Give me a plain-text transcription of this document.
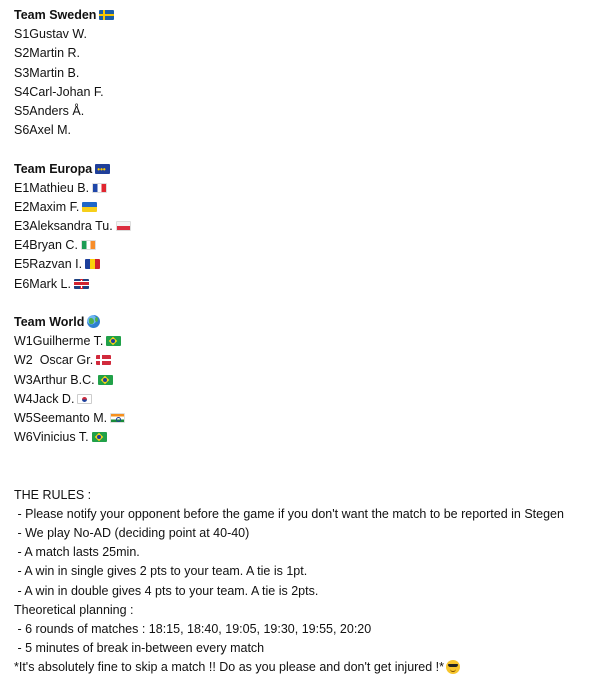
Team Sweden
S1Gustav W.
S2Martin R.
S3Martin B.
S4Carl-Johan F.
S5Anders Å.
S6Axel M.
Team Europa •••
E1Mathieu B.
E2Maxim F.
E3Aleksandra Tu.
E4Bryan C.
E5Razvan I.
E6Mark L.
Team World
W1Guilherme T.
W2 Oscar Gr.
W3Arthur B.C.
W4Jack D.
W5Seemanto M.
W6Vinicius T.
THE RULES :
- Please notify your opponent before the game if you don't want the match to be reported in Stegen
- We play No-AD (deciding point at 40-40)
- A match lasts 25min.
- A win in single gives 2 pts to your team. A tie is 1pt.
- A win in double gives 4 pts to your team. A tie is 2pts.
Theoretical planning :
- 6 rounds of matches : 18:15, 18:40, 19:05, 19:30, 19:55, 20:20
- 5 minutes of break in-between every match
*It's absolutely fine to skip a match !! Do as you please and don't get injured !*
